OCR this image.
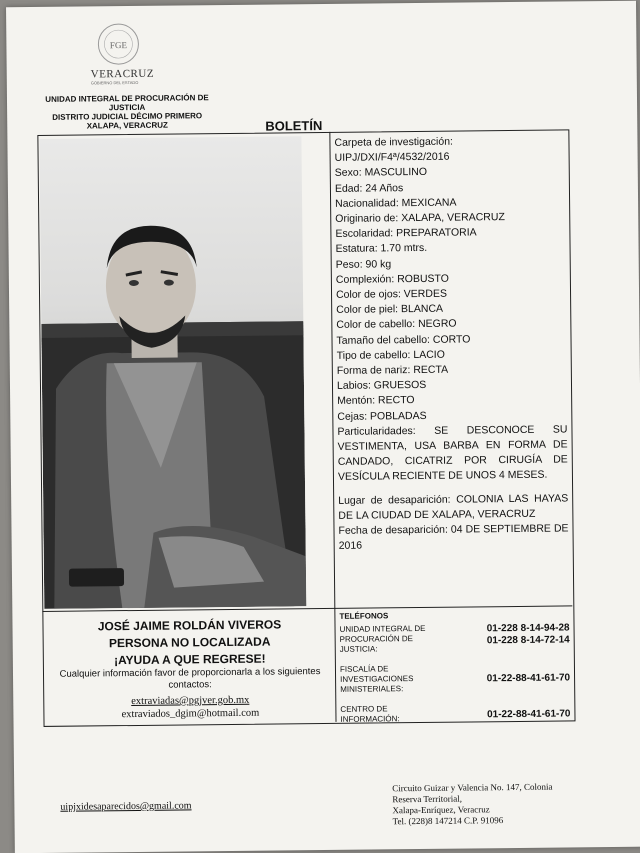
FGE
VERACRUZ
GOBIERNO DEL ESTADO
UNIDAD INTEGRAL DE PROCURACIÓN DE JUSTICIA
DISTRITO JUDICIAL DÉCIMO PRIMERO
XALAPA, VERACRUZ	BOLETÍN
Carpeta de investigación:
UIPJ/DXI/F4ª/4532/2016
Sexo: MASCULINO
Edad: 24 Años
Nacionalidad: MEXICANA
Originario de: XALAPA, VERACRUZ
Escolaridad: PREPARATORIA
Estatura: 1.70 mtrs.
Peso: 90 kg
Complexión: ROBUSTO
Color de ojos: VERDES
Color de piel: BLANCA
Color de cabello: NEGRO
Tamaño del cabello: CORTO
Tipo de cabello: LACIO
Forma de nariz: RECTA
Labios: GRUESOS
Mentón: RECTO
Cejas: POBLADAS
Particularidades: SE DESCONOCE SU VESTIMENTA, USA BARBA EN FORMA DE CANDADO, CICATRIZ POR CIRUGÍA DE VESÍCULA RECIENTE DE UNOS 4 MESES.
Lugar de desaparición: COLONIA LAS HAYAS DE LA CIUDAD DE XALAPA, VERACRUZ
Fecha de desaparición: 04 DE SEPTIEMBRE DE 2016
JOSÉ JAIME ROLDÁN VIVEROS
PERSONA NO LOCALIZADA
¡AYUDA A QUE REGRESE!
Cualquier información favor de proporcionarla a los siguientes contactos:
extraviadas@pgjver.gob.mx
extraviados_dgim@hotmail.com
TELÉFONOS
UNIDAD INTEGRAL DE PROCURACIÓN DE JUSTICIA:
01-228 8-14-94-28
01-228 8-14-72-14
FISCALÍA DE INVESTIGACIONES MINISTERIALES:
01-22-88-41-61-70
CENTRO DE INFORMACIÓN:	01-22-88-41-61-70
uipjxidesaparecidos@gmail.com
Circuito Guizar y Valencia No. 147, Colonia
Reserva Territorial,
Xalapa-Enríquez, Veracruz
Tel. (228)8 147214 C.P. 91096
